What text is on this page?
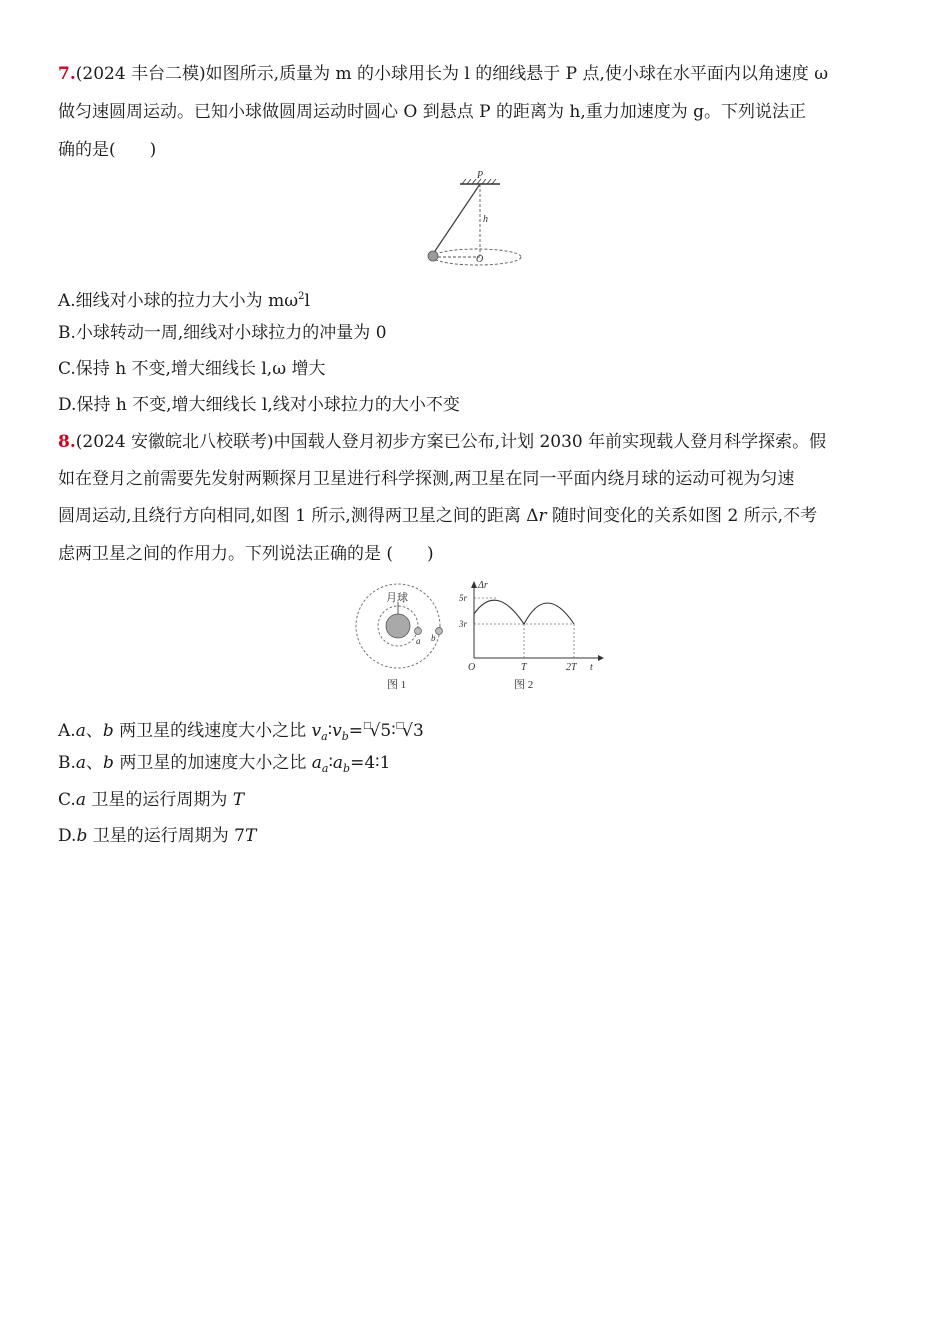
7.(2024 丰台二模)如图所示,质量为 m 的小球用长为 l 的细线悬于 P 点,使小球在水平面内以角速度 ω
做匀速圆周运动。已知小球做圆周运动时圆心 O 到悬点 P 的距离为 h,重力加速度为 g。下列说法正
确的是(　　)
P
h
O
A.细线对小球的拉力大小为 $m\omega^2l$
B.小球转动一周,细线对小球拉力的冲量为 0
C.保持 h 不变,增大细线长 l,ω 增大
D.保持 h 不变,增大细线长 l,线对小球拉力的大小不变
8.(2024 安徽皖北八校联考)中国载人登月初步方案已公布,计划 2030 年前实现载人登月科学探索。假
如在登月之前需要先发射两颗探月卫星进行科学探测,两卫星在同一平面内绕月球的运动可视为匀速
圆周运动,且绕行方向相同,如图 1 所示,测得两卫星之间的距离 Δr 随时间变化的关系如图 2 所示,不考
虑两卫星之间的作用力。下列说法正确的是 (　　)
月球
a b
图 1
Δr
5r
3r
O	T	2T t
图 2
A.a、b 两卫星的线速度大小之比 $v_a∶v_b=^□√5∶^□√3$
B.a、b 两卫星的加速度大小之比 $a_a∶a_b=4∶1$
C.a 卫星的运行周期为 T
D.b 卫星的运行周期为 7T
